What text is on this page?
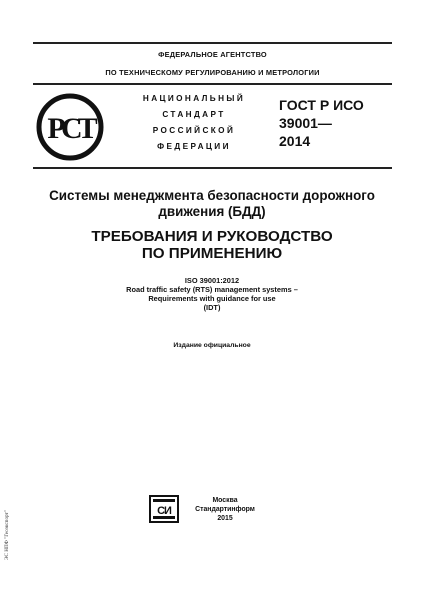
ФЕДЕРАЛЬНОЕ АГЕНТСТВО
ПО ТЕХНИЧЕСКОМУ РЕГУЛИРОВАНИЮ И МЕТРОЛОГИИ
РСТ
НАЦИОНАЛЬНЫЙ
СТАНДАРТ
РОССИЙСКОЙ
ФЕДЕРАЦИИ
ГОСТ Р ИСО
39001—
2014
Системы менеджмента безопасности дорожного
движения (БДД)
ТРЕБОВАНИЯ И РУКОВОДСТВО
ПО ПРИМЕНЕНИЮ
ISO 39001:2012
Road traffic safety (RTS) management systems –
Requirements with guidance for use
(IDT)
Издание официальное
СИ
Москва
Стандартинформ
2015
ЭС НПФ "Геоэкспорт"
